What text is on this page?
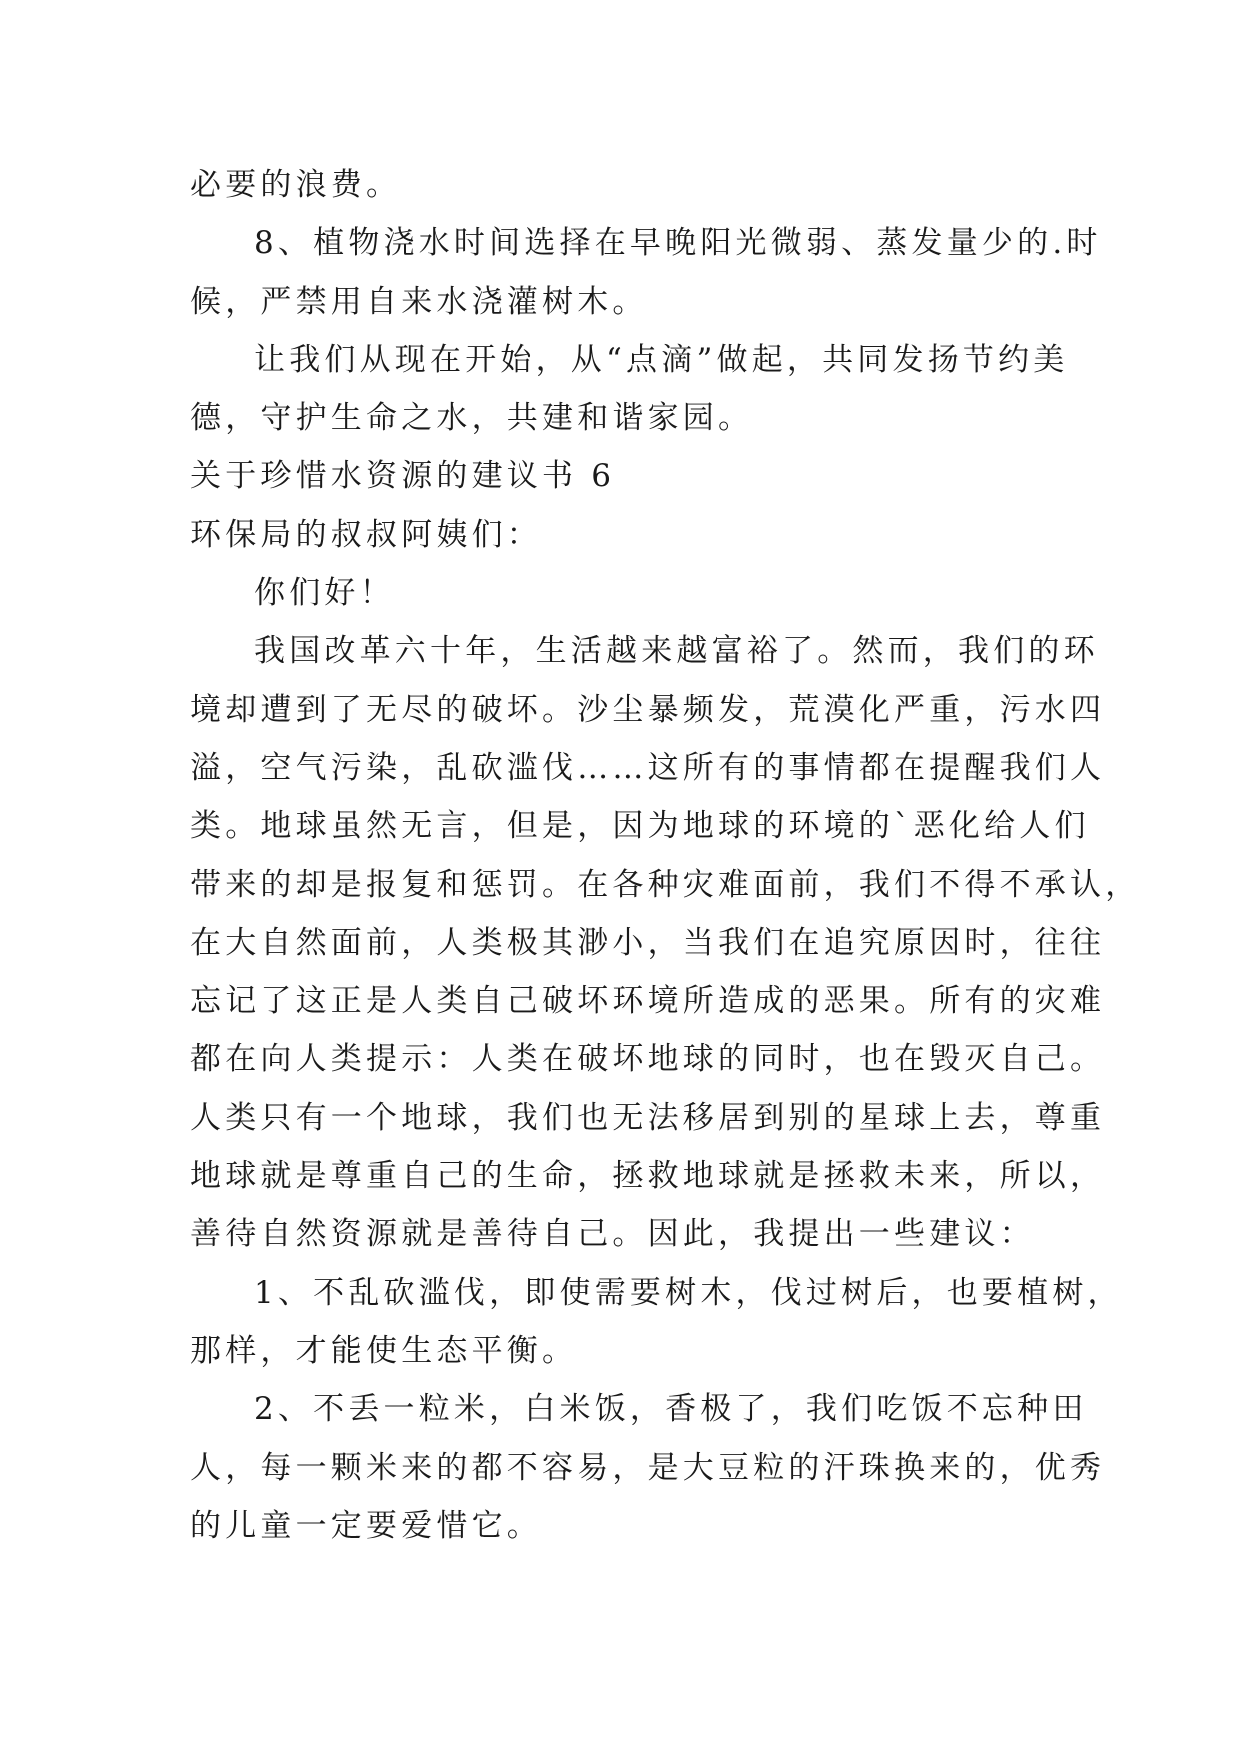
必要的浪费。
8、植物浇水时间选择在早晚阳光微弱、蒸发量少的.时
候，严禁用自来水浇灌树木。
让我们从现在开始，从“点滴”做起，共同发扬节约美
德，守护生命之水，共建和谐家园。
关于珍惜水资源的建议书 6
环保局的叔叔阿姨们：
你们好！
我国改革六十年，生活越来越富裕了。然而，我们的环
境却遭到了无尽的破坏。沙尘暴频发，荒漠化严重，污水四
溢，空气污染，乱砍滥伐……这所有的事情都在提醒我们人
类。地球虽然无言，但是，因为地球的环境的`恶化给人们
带来的却是报复和惩罚。在各种灾难面前，我们不得不承认，
在大自然面前，人类极其渺小，当我们在追究原因时，往往
忘记了这正是人类自己破坏环境所造成的恶果。所有的灾难
都在向人类提示：人类在破坏地球的同时，也在毁灭自己。
人类只有一个地球，我们也无法移居到别的星球上去，尊重
地球就是尊重自己的生命，拯救地球就是拯救未来，所以，
善待自然资源就是善待自己。因此，我提出一些建议：
1、不乱砍滥伐，即使需要树木，伐过树后，也要植树，
那样，才能使生态平衡。
2、不丢一粒米，白米饭，香极了，我们吃饭不忘种田
人，每一颗米来的都不容易，是大豆粒的汗珠换来的，优秀
的儿童一定要爱惜它。
